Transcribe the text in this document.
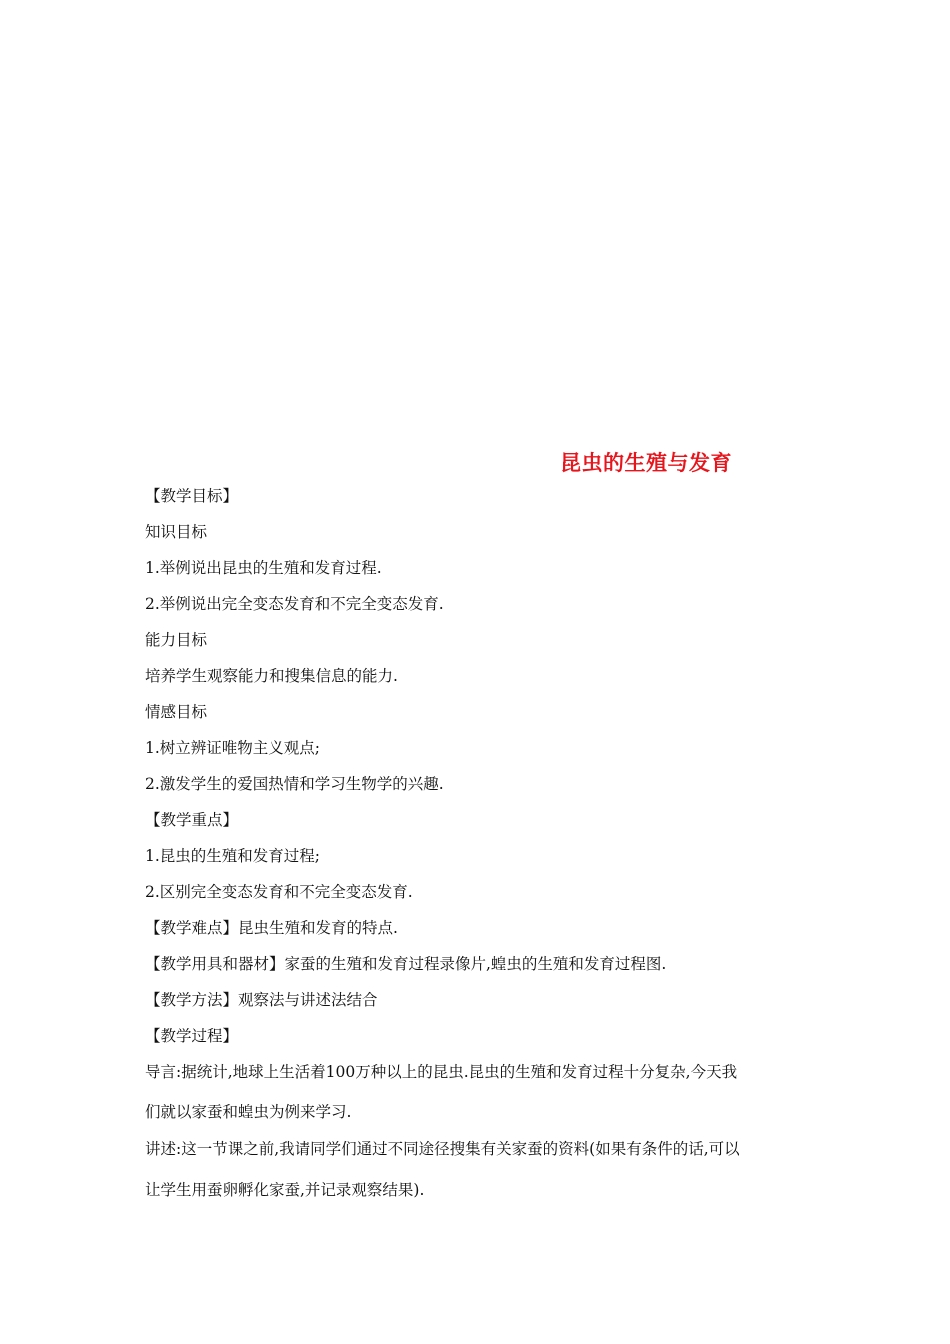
昆虫的生殖与发育
【教学目标】
知识目标
1.举例说出昆虫的生殖和发育过程.
2.举例说出完全变态发育和不完全变态发育.
能力目标
培养学生观察能力和搜集信息的能力.
情感目标
1.树立辨证唯物主义观点;
2.激发学生的爱国热情和学习生物学的兴趣.
【教学重点】
1.昆虫的生殖和发育过程;
2.区别完全变态发育和不完全变态发育.
【教学难点】昆虫生殖和发育的特点.
【教学用具和器材】家蚕的生殖和发育过程录像片,蝗虫的生殖和发育过程图.
【教学方法】观察法与讲述法结合
【教学过程】
导言:据统计,地球上生活着100万种以上的昆虫.昆虫的生殖和发育过程十分复杂,今天我
们就以家蚕和蝗虫为例来学习.
讲述:这一节课之前,我请同学们通过不同途径搜集有关家蚕的资料(如果有条件的话,可以
让学生用蚕卵孵化家蚕,并记录观察结果).
